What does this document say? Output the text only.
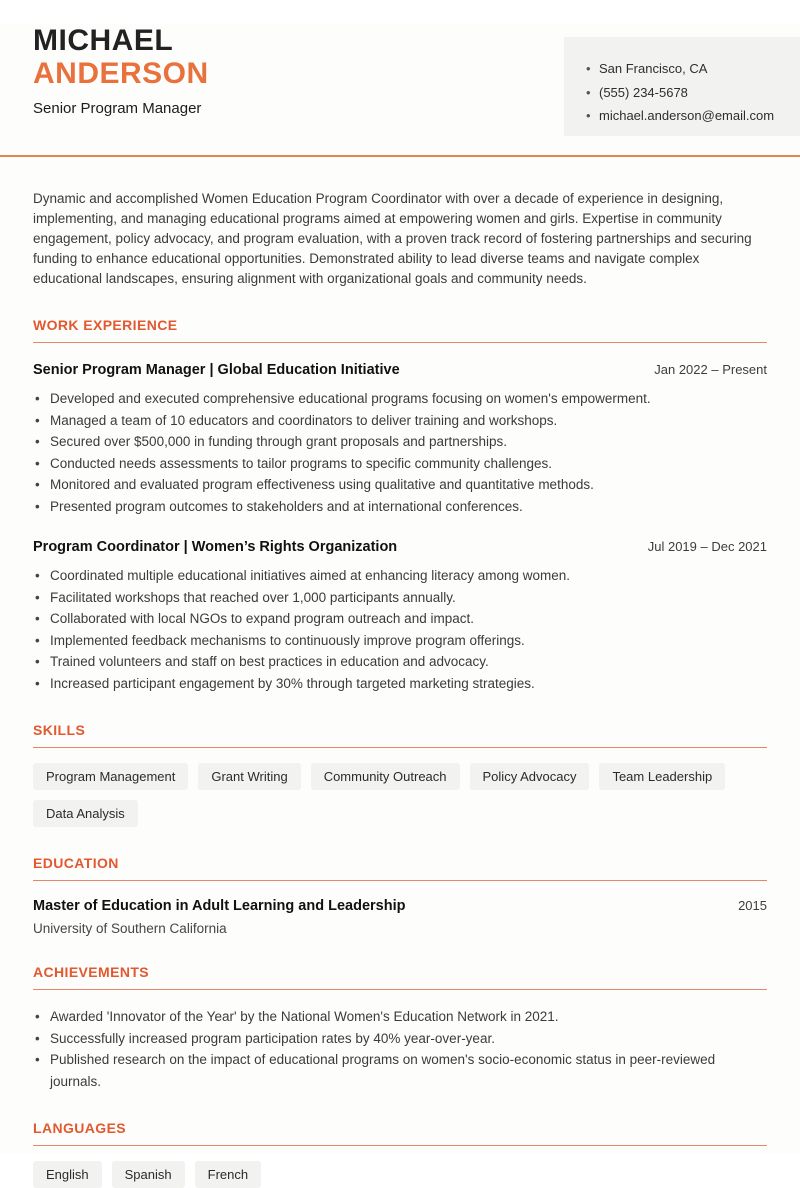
MICHAEL
ANDERSON
Senior Program Manager
• San Francisco, CA
• (555) 234-5678
• michael.anderson@email.com

Dynamic and accomplished Women Education Program Coordinator with over a decade of experience in designing, implementing, and managing educational programs aimed at empowering women and girls. Expertise in community engagement, policy advocacy, and program evaluation, with a proven track record of fostering partnerships and securing funding to enhance educational opportunities. Demonstrated ability to lead diverse teams and navigate complex educational landscapes, ensuring alignment with organizational goals and community needs.

WORK EXPERIENCE
Senior Program Manager | Global Education Initiative	Jan 2022 – Present
• Developed and executed comprehensive educational programs focusing on women's empowerment.
• Managed a team of 10 educators and coordinators to deliver training and workshops.
• Secured over $500,000 in funding through grant proposals and partnerships.
• Conducted needs assessments to tailor programs to specific community challenges.
• Monitored and evaluated program effectiveness using qualitative and quantitative methods.
• Presented program outcomes to stakeholders and at international conferences.
Program Coordinator | Women’s Rights Organization	Jul 2019 – Dec 2021
• Coordinated multiple educational initiatives aimed at enhancing literacy among women.
• Facilitated workshops that reached over 1,000 participants annually.
• Collaborated with local NGOs to expand program outreach and impact.
• Implemented feedback mechanisms to continuously improve program offerings.
• Trained volunteers and staff on best practices in education and advocacy.
• Increased participant engagement by 30% through targeted marketing strategies.
SKILLS
Program Management	Grant Writing	Community Outreach	Policy Advocacy	Team Leadership
Data Analysis
EDUCATION
Master of Education in Adult Learning and Leadership	2015
University of Southern California
ACHIEVEMENTS
• Awarded 'Innovator of the Year' by the National Women's Education Network in 2021.
• Successfully increased program participation rates by 40% year-over-year.
• Published research on the impact of educational programs on women's socio-economic status in peer-reviewed journals.
LANGUAGES
English	Spanish	French
